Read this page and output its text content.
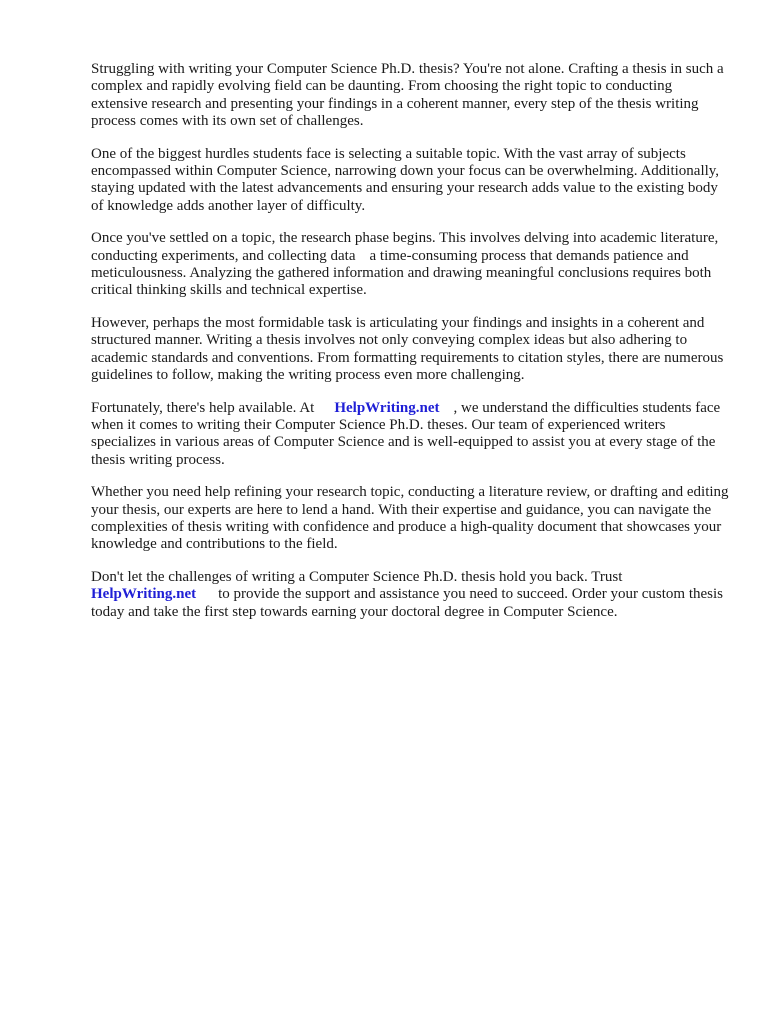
Struggling with writing your Computer Science Ph.D. thesis? You're not alone. Crafting a thesis in such a complex and rapidly evolving field can be daunting. From choosing the right topic to conducting extensive research and presenting your findings in a coherent manner, every step of the thesis writing process comes with its own set of challenges.

One of the biggest hurdles students face is selecting a suitable topic. With the vast array of subjects encompassed within Computer Science, narrowing down your focus can be overwhelming. Additionally, staying updated with the latest advancements and ensuring your research adds value to the existing body of knowledge adds another layer of difficulty.

Once you've settled on a topic, the research phase begins. This involves delving into academic literature, conducting experiments, and collecting data a time-consuming process that demands patience and meticulousness. Analyzing the gathered information and drawing meaningful conclusions requires both critical thinking skills and technical expertise.

However, perhaps the most formidable task is articulating your findings and insights in a coherent and structured manner. Writing a thesis involves not only conveying complex ideas but also adhering to academic standards and conventions. From formatting requirements to citation styles, there are numerous guidelines to follow, making the writing process even more challenging.

Fortunately, there's help available. At HelpWriting.net , we understand the difficulties students face when it comes to writing their Computer Science Ph.D. theses. Our team of experienced writers specializes in various areas of Computer Science and is well-equipped to assist you at every stage of the thesis writing process.

Whether you need help refining your research topic, conducting a literature review, or drafting and editing your thesis, our experts are here to lend a hand. With their expertise and guidance, you can navigate the complexities of thesis writing with confidence and produce a high-quality document that showcases your knowledge and contributions to the field.

Don't let the challenges of writing a Computer Science Ph.D. thesis hold you back. Trust
HelpWriting.net to provide the support and assistance you need to succeed. Order your custom thesis today and take the first step towards earning your doctoral degree in Computer Science.
